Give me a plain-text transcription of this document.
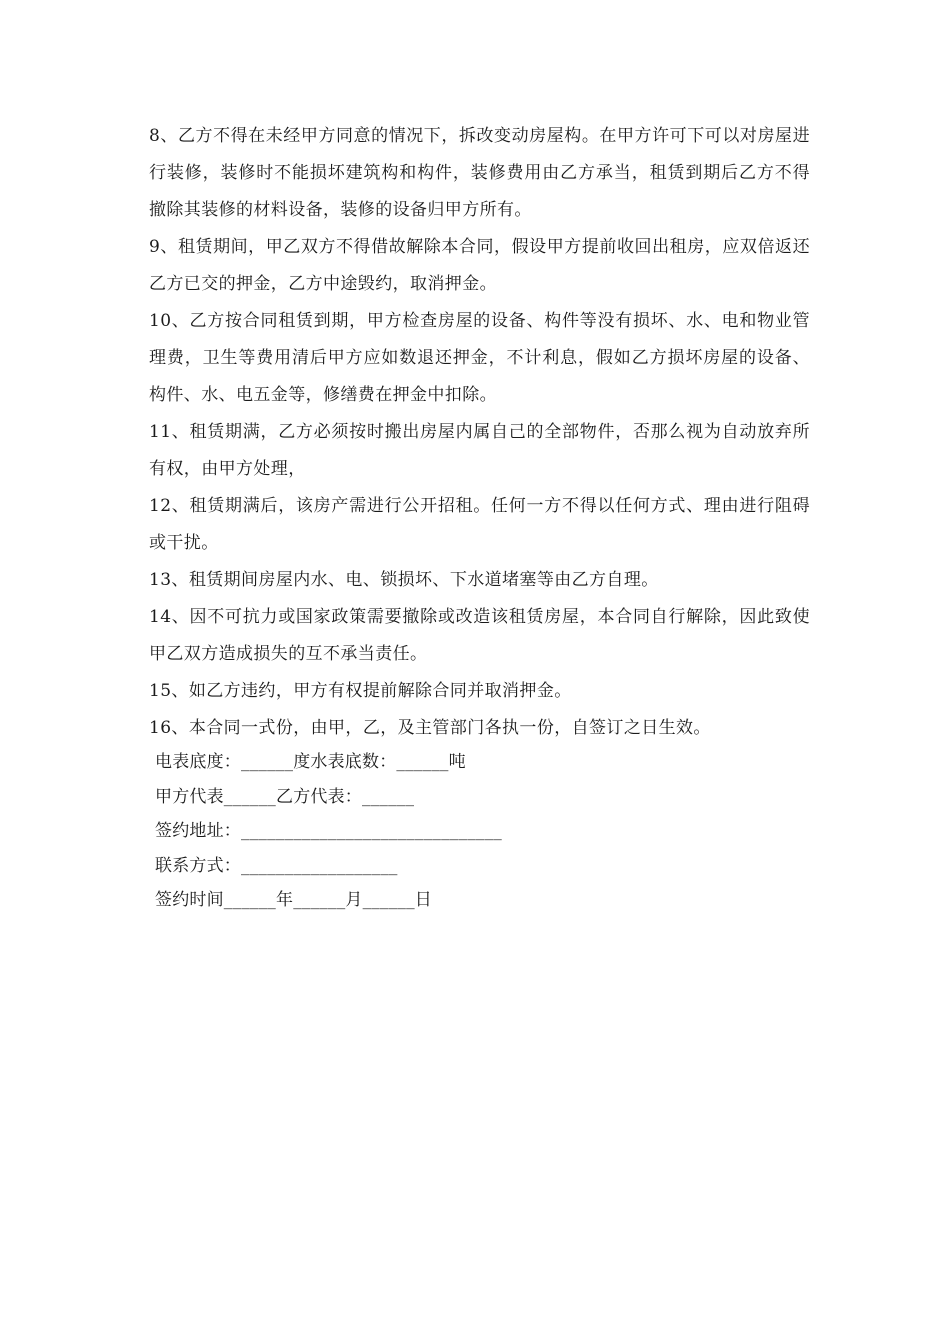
8、乙方不得在未经甲方同意的情况下，拆改变动房屋构。在甲方许可下可以对房屋进行装修，装修时不能损坏建筑构和构件，装修费用由乙方承当，租赁到期后乙方不得撤除其装修的材料设备，装修的设备归甲方所有。

9、租赁期间，甲乙双方不得借故解除本合同，假设甲方提前收回出租房，应双倍返还乙方已交的押金，乙方中途毁约，取消押金。

10、乙方按合同租赁到期，甲方检查房屋的设备、构件等没有损坏、水、电和物业管理费，卫生等费用清后甲方应如数退还押金，不计利息，假如乙方损坏房屋的设备、构件、水、电五金等，修缮费在押金中扣除。

11、租赁期满，乙方必须按时搬出房屋内属自己的全部物件，否那么视为自动放弃所有权，由甲方处理，

12、租赁期满后，该房产需进行公开招租。任何一方不得以任何方式、理由进行阻碍或干扰。

13、租赁期间房屋内水、电、锁损坏、下水道堵塞等由乙方自理。

14、因不可抗力或国家政策需要撤除或改造该租赁房屋，本合同自行解除，因此致使甲乙双方造成损失的互不承当责任。

15、如乙方违约，甲方有权提前解除合同并取消押金。

16、本合同一式份，由甲，乙，及主管部门各执一份，自签订之日生效。

电表底度：______度水表底数：______吨

甲方代表______乙方代表：______

签约地址：______________________________

联系方式：__________________

签约时间______年______月______日
